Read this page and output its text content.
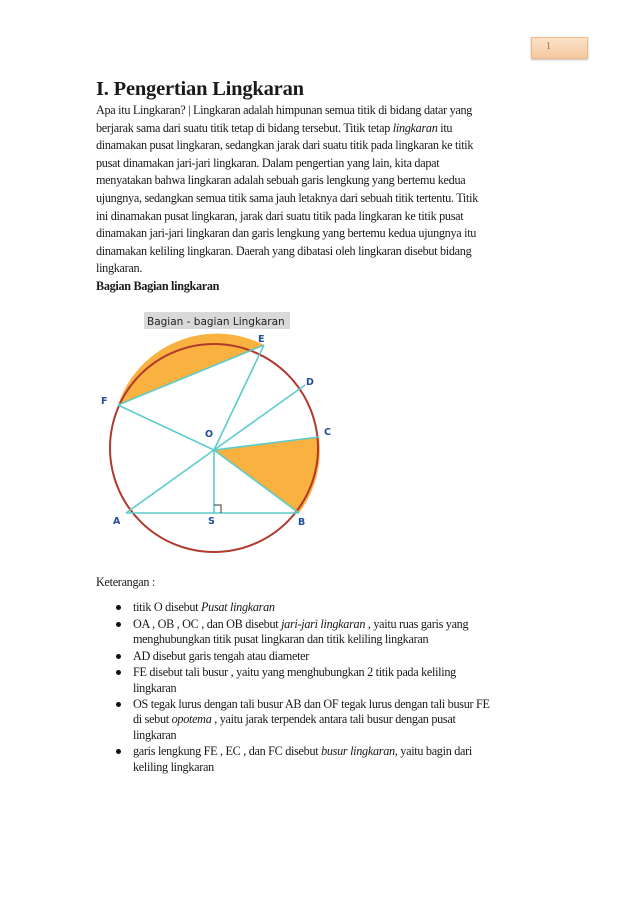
1
I. Pengertian Lingkaran
Apa itu Lingkaran? | Lingkaran adalah himpunan semua titik di bidang datar yang
berjarak sama dari suatu titik tetap di bidang tersebut. Titik tetap lingkaran itu
dinamakan pusat lingkaran, sedangkan jarak dari suatu titik pada lingkaran ke titik
pusat dinamakan jari-jari lingkaran. Dalam pengertian yang lain, kita dapat
menyatakan bahwa lingkaran adalah sebuah garis lengkung yang bertemu kedua
ujungnya, sedangkan semua titik sama jauh letaknya dari sebuah titik tertentu. Titik
ini dinamakan pusat lingkaran, jarak dari suatu titik pada lingkaran ke titik pusat
dinamakan jari-jari lingkaran dan garis lengkung yang bertemu kedua ujungnya itu
dinamakan keliling lingkaran. Daerah yang dibatasi oleh lingkaran disebut bidang
lingkaran.
Bagian Bagian lingkaran
Bagian - bagian Lingkaran
E
D
C
F
O
A	S	B
Keterangan :
titik O disebut Pusat lingkaran
OA , OB , OC , dan OB disebut jari-jari lingkaran , yaitu ruas garis yang
menghubungkan titik pusat lingkaran dan titik keliling lingkaran
AD disebut garis tengah atau diameter
FE disebut tali busur , yaitu yang menghubungkan 2 titik pada keliling
lingkaran
OS tegak lurus dengan tali busur AB dan OF tegak lurus dengan tali busur FE
di sebut opotema , yaitu jarak terpendek antara tali busur dengan pusat
lingkaran
garis lengkung FE , EC , dan FC disebut busur lingkaran, yaitu bagin dari
keliling lingkaran
